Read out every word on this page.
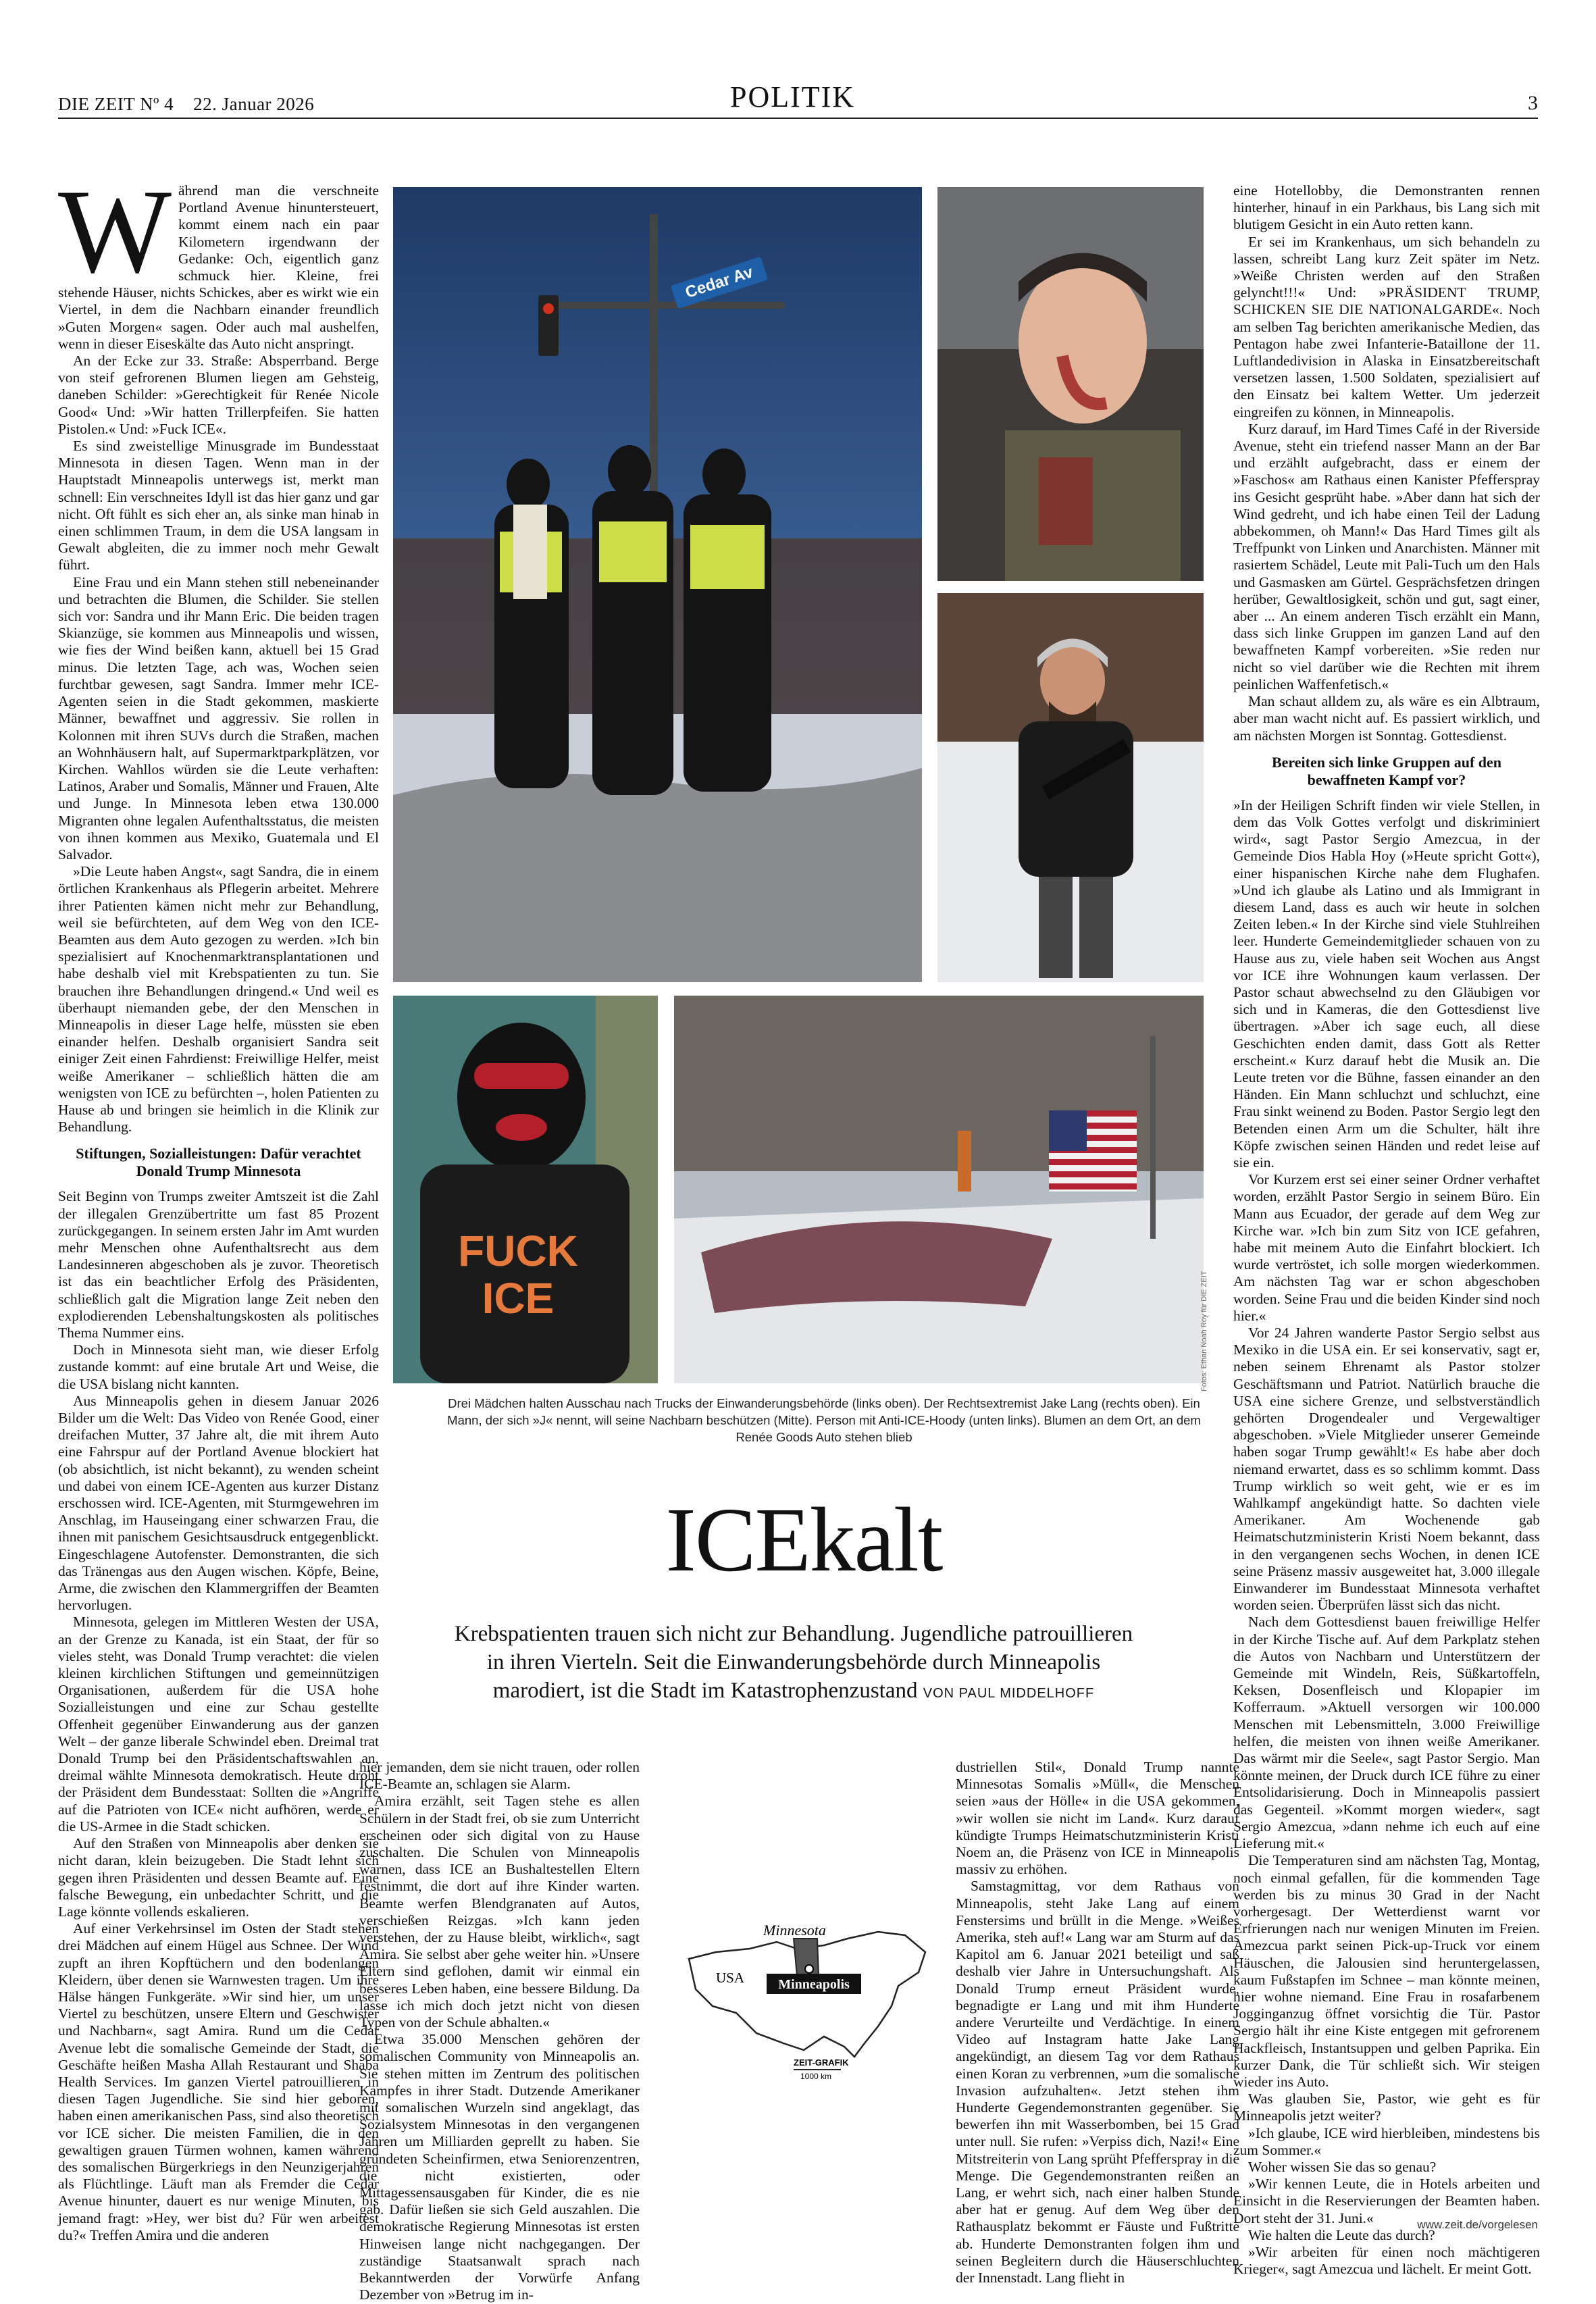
DIE ZEIT Nº 4    22. Januar 2026	POLITIK	3
W ährend man die verschneite Portland Avenue hinuntersteuert, kommt einem nach ein paar Kilometern irgendwann der Gedanke: Och, eigentlich ganz schmuck hier. Kleine, frei stehende Häuser, nichts Schickes, aber es wirkt wie ein Viertel, in dem die Nachbarn einander freundlich »Guten Morgen« sagen. Oder auch mal aushelfen, wenn in dieser Eiseskälte das Auto nicht anspringt.

An der Ecke zur 33. Straße: Absperrband. Berge von steif gefrorenen Blumen liegen am Gehsteig, daneben Schilder: »Gerechtigkeit für Renée Nicole Good« Und: »Wir hatten Trillerpfeifen. Sie hatten Pistolen.« Und: »Fuck ICE«.

Es sind zweistellige Minusgrade im Bundesstaat Minnesota in diesen Tagen. Wenn man in der Hauptstadt Minneapolis unterwegs ist, merkt man schnell: Ein verschneites Idyll ist das hier ganz und gar nicht. Oft fühlt es sich eher an, als sinke man hinab in einen schlimmen Traum, in dem die USA langsam in Gewalt abgleiten, die zu immer noch mehr Gewalt führt.

Eine Frau und ein Mann stehen still nebeneinander und betrachten die Blumen, die Schilder. Sie stellen sich vor: Sandra und ihr Mann Eric. Die beiden tragen Skianzüge, sie kommen aus Minneapolis und wissen, wie fies der Wind beißen kann, aktuell bei 15 Grad minus. Die letzten Tage, ach was, Wochen seien furchtbar gewesen, sagt Sandra. Immer mehr ICE-Agenten seien in die Stadt gekommen, maskierte Männer, bewaffnet und aggressiv. Sie rollen in Kolonnen mit ihren SUVs durch die Straßen, machen an Wohnhäusern halt, auf Supermarktparkplätzen, vor Kirchen. Wahllos würden sie die Leute verhaften: Latinos, Araber und Somalis, Männer und Frauen, Alte und Junge. In Minnesota leben etwa 130.000 Migranten ohne legalen Aufenthaltsstatus, die meisten von ihnen kommen aus Mexiko, Guatemala und El Salvador.

»Die Leute haben Angst«, sagt Sandra, die in einem örtlichen Krankenhaus als Pflegerin arbeitet. Mehrere ihrer Patienten kämen nicht mehr zur Behandlung, weil sie befürchteten, auf dem Weg von den ICE-Beamten aus dem Auto gezogen zu werden. »Ich bin spezialisiert auf Knochenmarktransplantationen und habe deshalb viel mit Krebspatienten zu tun. Sie brauchen ihre Behandlungen dringend.« Und weil es überhaupt niemanden gebe, der den Menschen in Minneapolis in dieser Lage helfe, müssten sie eben einander helfen. Deshalb organisiert Sandra seit einiger Zeit einen Fahrdienst: Freiwillige Helfer, meist weiße Amerikaner – schließlich hätten die am wenigsten von ICE zu befürchten –, holen Patienten zu Hause ab und bringen sie heimlich in die Klinik zur Behandlung.

Stiftungen, Sozialleistungen: Dafür verachtet Donald Trump Minnesota

Seit Beginn von Trumps zweiter Amtszeit ist die Zahl der illegalen Grenzübertritte um fast 85 Prozent zurückgegangen. In seinem ersten Jahr im Amt wurden mehr Menschen ohne Aufenthaltsrecht aus dem Landesinneren abgeschoben als je zuvor. Theoretisch ist das ein beachtlicher Erfolg des Präsidenten, schließlich galt die Migration lange Zeit neben den explodierenden Lebenshaltungskosten als politisches Thema Nummer eins.

Doch in Minnesota sieht man, wie dieser Erfolg zustande kommt: auf eine brutale Art und Weise, die die USA bislang nicht kannten.

Aus Minneapolis gehen in diesem Januar 2026 Bilder um die Welt: Das Video von Renée Good, einer dreifachen Mutter, 37 Jahre alt, die mit ihrem Auto eine Fahrspur auf der Portland Avenue blockiert hat (ob absichtlich, ist nicht bekannt), zu wenden scheint und dabei von einem ICE-Agenten aus kurzer Distanz erschossen wird. ICE-Agenten, mit Sturmgewehren im Anschlag, im Hauseingang einer schwarzen Frau, die ihnen mit panischem Gesichtsausdruck entgegenblickt. Eingeschlagene Autofenster. Demonstranten, die sich das Tränengas aus den Augen wischen. Köpfe, Beine, Arme, die zwischen den Klammergriffen der Beamten hervorlugen.

Minnesota, gelegen im Mittleren Westen der USA, an der Grenze zu Kanada, ist ein Staat, der für so vieles steht, was Donald Trump verachtet: die vielen kleinen kirchlichen Stiftungen und gemeinnützigen Organisationen, außerdem für die USA hohe Sozialleistungen und eine zur Schau gestellte Offenheit gegenüber Einwanderung aus der ganzen Welt – der ganze liberale Schwindel eben. Dreimal trat Donald Trump bei den Präsidentschaftswahlen an, dreimal wählte Minnesota demokratisch. Heute droht der Präsident dem Bundesstaat: Sollten die »Angriffe auf die Patrioten von ICE« nicht aufhören, werde er die US-Armee in die Stadt schicken.

Auf den Straßen von Minneapolis aber denken sie nicht daran, klein beizugeben. Die Stadt lehnt sich gegen ihren Präsidenten und dessen Beamte auf. Eine falsche Bewegung, ein unbedachter Schritt, und die Lage könnte vollends eskalieren.

Auf einer Verkehrsinsel im Osten der Stadt stehen drei Mädchen auf einem Hügel aus Schnee. Der Wind zupft an ihren Kopftüchern und den bodenlangen Kleidern, über denen sie Warnwesten tragen. Um ihre Hälse hängen Funkgeräte. »Wir sind hier, um unser Viertel zu beschützen, unsere Eltern und Geschwister und Nachbarn«, sagt Amira. Rund um die Cedar Avenue lebt die somalische Gemeinde der Stadt, die Geschäfte heißen Masha Allah Restaurant und Shaba Health Services. Im ganzen Viertel patrouillieren in diesen Tagen Jugendliche. Sie sind hier geboren, haben einen amerikanischen Pass, sind also theoretisch vor ICE sicher. Die meisten Familien, die in den gewaltigen grauen Türmen wohnen, kamen während des somalischen Bürgerkriegs in den Neunzigerjahren als Flüchtlinge. Läuft man als Fremder die Cedar Avenue hinunter, dauert es nur wenige Minuten, bis jemand fragt: »Hey, wer bist du? Für wen arbeitest du?« Treffen Amira und die anderen

Cedar Av
FUCK
ICE	Fotos: Ethan Noah Roy für DIE ZEIT
Drei Mädchen halten Ausschau nach Trucks der Einwanderungsbehörde (links oben). Der Rechtsextremist Jake Lang (rechts oben). Ein Mann, der sich »J« nennt, will seine Nachbarn beschützen (Mitte). Person mit Anti-ICE-Hoody (unten links). Blumen an dem Ort, an dem Renée Goods Auto stehen blieb
ICEkalt
Krebspatienten trauen sich nicht zur Behandlung. Jugendliche patrouillieren in ihren Vierteln. Seit die Einwanderungsbehörde durch Minneapolis marodiert, ist die Stadt im Katastrophenzustand VON PAUL MIDDELHOFF

hier jemanden, dem sie nicht trauen, oder rollen ICE-Beamte an, schlagen sie Alarm.

Amira erzählt, seit Tagen stehe es allen Schülern in der Stadt frei, ob sie zum Unterricht erscheinen oder sich digital von zu Hause zuschalten. Die Schulen von Minneapolis warnen, dass ICE an Bushaltestellen Eltern festnimmt, die dort auf ihre Kinder warten. Beamte werfen Blendgranaten auf Autos, verschießen Reizgas. »Ich kann jeden verstehen, der zu Hause bleibt, wirklich«, sagt Amira. Sie selbst aber gehe weiter hin. »Unsere Eltern sind geflohen, damit wir einmal ein besseres Leben haben, eine bessere Bildung. Da lasse ich mich doch jetzt nicht von diesen Typen von der Schule abhalten.«

Etwa 35.000 Menschen gehören der somalischen Community von Minneapolis an. Sie stehen mitten im Zentrum des politischen Kampfes in ihrer Stadt. Dutzende Amerikaner mit somalischen Wurzeln sind angeklagt, das Sozialsystem Minnesotas in den vergangenen Jahren um Milliarden geprellt zu haben. Sie gründeten Scheinfirmen, etwa Seniorenzentren, die nicht existierten, oder Mittagessensausgaben für Kinder, die es nie gab. Dafür ließen sie sich Geld auszahlen. Die demokratische Regierung Minnesotas ist ersten Hinweisen lange nicht nachgegangen. Der zuständige Staatsanwalt sprach nach Bekanntwerden der Vorwürfe Anfang Dezember von »Betrug im in-

Minnesota
USA	Minneapolis
ZEIT-GRAFIK
1000 km

dustriellen Stil«, Donald Trump nannte Minnesotas Somalis »Müll«, die Menschen seien »aus der Hölle« in die USA gekommen, »wir wollen sie nicht im Land«. Kurz darauf kündigte Trumps Heimatschutzministerin Kristi Noem an, die Präsenz von ICE in Minneapolis massiv zu erhöhen.

Samstagmittag, vor dem Rathaus von Minneapolis, steht Jake Lang auf einem Fenstersims und brüllt in die Menge. »Weißes Amerika, steh auf!« Lang war am Sturm auf das Kapitol am 6. Januar 2021 beteiligt und saß deshalb vier Jahre in Untersuchungshaft. Als Donald Trump erneut Präsident wurde, begnadigte er Lang und mit ihm Hunderte andere Verurteilte und Verdächtige. In einem Video auf Instagram hatte Jake Lang angekündigt, an diesem Tag vor dem Rathaus einen Koran zu verbrennen, »um die somalische Invasion aufzuhalten«. Jetzt stehen ihm Hunderte Gegendemonstranten gegenüber. Sie bewerfen ihn mit Wasserbomben, bei 15 Grad unter null. Sie rufen: »Verpiss dich, Nazi!« Eine Mitstreiterin von Lang sprüht Pfefferspray in die Menge. Die Gegendemonstranten reißen an Lang, er wehrt sich, nach einer halben Stunde aber hat er genug. Auf dem Weg über den Rathausplatz bekommt er Fäuste und Fußtritte ab. Hunderte Demonstranten folgen ihm und seinen Begleitern durch die Häuserschluchten der Innenstadt. Lang flieht in

eine Hotellobby, die Demonstranten rennen hinterher, hinauf in ein Parkhaus, bis Lang sich mit blutigem Gesicht in ein Auto retten kann.

Er sei im Krankenhaus, um sich behandeln zu lassen, schreibt Lang kurz Zeit später im Netz. »Weiße Christen werden auf den Straßen gelyncht!!!« Und: »PRÄSIDENT TRUMP, SCHICKEN SIE DIE NATIONALGARDE«. Noch am selben Tag berichten amerikanische Medien, das Pentagon habe zwei Infanterie-Bataillone der 11. Luftlandedivision in Alaska in Einsatzbereitschaft versetzen lassen, 1.500 Soldaten, spezialisiert auf den Einsatz bei kaltem Wetter. Um jederzeit eingreifen zu können, in Minneapolis.

Kurz darauf, im Hard Times Café in der Riverside Avenue, steht ein triefend nasser Mann an der Bar und erzählt aufgebracht, dass er einem der »Faschos« am Rathaus einen Kanister Pfefferspray ins Gesicht gesprüht habe. »Aber dann hat sich der Wind gedreht, und ich habe einen Teil der Ladung abbekommen, oh Mann!« Das Hard Times gilt als Treffpunkt von Linken und Anarchisten. Männer mit rasiertem Schädel, Leute mit Pali-Tuch um den Hals und Gasmasken am Gürtel. Gesprächsfetzen dringen herüber, Gewaltlosigkeit, schön und gut, sagt einer, aber ... An einem anderen Tisch erzählt ein Mann, dass sich linke Gruppen im ganzen Land auf den bewaffneten Kampf vorbereiten. »Sie reden nur nicht so viel darüber wie die Rechten mit ihrem peinlichen Waffenfetisch.«

Man schaut alldem zu, als wäre es ein Albtraum, aber man wacht nicht auf. Es passiert wirklich, und am nächsten Morgen ist Sonntag. Gottesdienst.

Bereiten sich linke Gruppen auf den bewaffneten Kampf vor?

»In der Heiligen Schrift finden wir viele Stellen, in dem das Volk Gottes verfolgt und diskriminiert wird«, sagt Pastor Sergio Amezcua, in der Gemeinde Dios Habla Hoy (»Heute spricht Gott«), einer hispanischen Kirche nahe dem Flughafen. »Und ich glaube als Latino und als Immigrant in diesem Land, dass es auch wir heute in solchen Zeiten leben.« In der Kirche sind viele Stuhlreihen leer. Hunderte Gemeindemitglieder schauen von zu Hause aus zu, viele haben seit Wochen aus Angst vor ICE ihre Wohnungen kaum verlassen. Der Pastor schaut abwechselnd zu den Gläubigen vor sich und in Kameras, die den Gottesdienst live übertragen. »Aber ich sage euch, all diese Geschichten enden damit, dass Gott als Retter erscheint.« Kurz darauf hebt die Musik an. Die Leute treten vor die Bühne, fassen einander an den Händen. Ein Mann schluchzt und schluchzt, eine Frau sinkt weinend zu Boden. Pastor Sergio legt den Betenden einen Arm um die Schulter, hält ihre Köpfe zwischen seinen Händen und redet leise auf sie ein.

Vor Kurzem erst sei einer seiner Ordner verhaftet worden, erzählt Pastor Sergio in seinem Büro. Ein Mann aus Ecuador, der gerade auf dem Weg zur Kirche war. »Ich bin zum Sitz von ICE gefahren, habe mit meinem Auto die Einfahrt blockiert. Ich wurde vertröstet, ich solle morgen wiederkommen. Am nächsten Tag war er schon abgeschoben worden. Seine Frau und die beiden Kinder sind noch hier.«

Vor 24 Jahren wanderte Pastor Sergio selbst aus Mexiko in die USA ein. Er sei konservativ, sagt er, neben seinem Ehrenamt als Pastor stolzer Geschäftsmann und Patriot. Natürlich brauche die USA eine sichere Grenze, und selbstverständlich gehörten Drogendealer und Vergewaltiger abgeschoben. »Viele Mitglieder unserer Gemeinde haben sogar Trump gewählt!« Es habe aber doch niemand erwartet, dass es so schlimm kommt. Dass Trump wirklich so weit geht, wie er es im Wahlkampf angekündigt hatte. So dachten viele Amerikaner. Am Wochenende gab Heimatschutzministerin Kristi Noem bekannt, dass in den vergangenen sechs Wochen, in denen ICE seine Präsenz massiv ausgeweitet hat, 3.000 illegale Einwanderer im Bundesstaat Minnesota verhaftet worden seien. Überprüfen lässt sich das nicht.

Nach dem Gottesdienst bauen freiwillige Helfer in der Kirche Tische auf. Auf dem Parkplatz stehen die Autos von Nachbarn und Unterstützern der Gemeinde mit Windeln, Reis, Süßkartoffeln, Keksen, Dosenfleisch und Klopapier im Kofferraum. »Aktuell versorgen wir 100.000 Menschen mit Lebensmitteln, 3.000 Freiwillige helfen, die meisten von ihnen weiße Amerikaner. Das wärmt mir die Seele«, sagt Pastor Sergio. Man könnte meinen, der Druck durch ICE führe zu einer Entsolidarisierung. Doch in Minneapolis passiert das Gegenteil. »Kommt morgen wieder«, sagt Sergio Amezcua, »dann nehme ich euch auf eine Lieferung mit.«

Die Temperaturen sind am nächsten Tag, Montag, noch einmal gefallen, für die kommenden Tage werden bis zu minus 30 Grad in der Nacht vorhergesagt. Der Wetterdienst warnt vor Erfrierungen nach nur wenigen Minuten im Freien. Amezcua parkt seinen Pick-up-Truck vor einem Häuschen, die Jalousien sind heruntergelassen, kaum Fußstapfen im Schnee – man könnte meinen, hier wohne niemand. Eine Frau in rosafarbenem Jogginganzug öffnet vorsichtig die Tür. Pastor Sergio hält ihr eine Kiste entgegen mit gefrorenem Hackfleisch, Instantsuppen und gelben Paprika. Ein kurzer Dank, die Tür schließt sich. Wir steigen wieder ins Auto.

Was glauben Sie, Pastor, wie geht es für Minneapolis jetzt weiter?

»Ich glaube, ICE wird hierbleiben, mindestens bis zum Sommer.«

Woher wissen Sie das so genau?

»Wir kennen Leute, die in Hotels arbeiten und Einsicht in die Reservierungen der Beamten haben. Dort steht der 31. Juni.«

Wie halten die Leute das durch?

»Wir arbeiten für einen noch mächtigeren Krieger«, sagt Amezcua und lächelt. Er meint Gott.

www.zeit.de/vorgelesen
